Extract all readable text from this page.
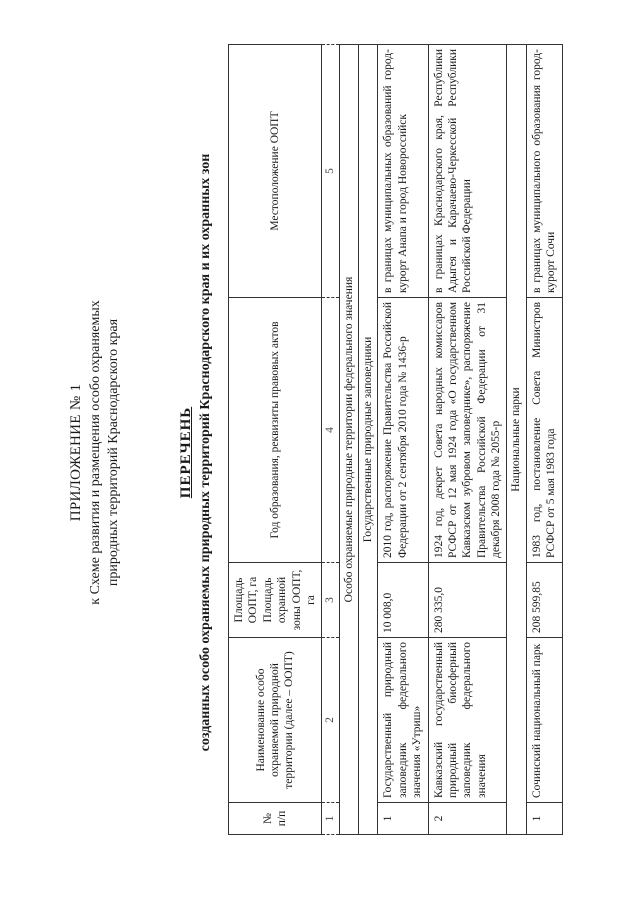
ПРИЛОЖЕНИЕ № 1 к Схеме развития и размещения особо охраняемых природных территорий Краснодарского края	ПЕРЕЧЕНЬ созданных особо охраняемых природных территорий Краснодарского края и их охранных зон
№ п/п	Наименование особо охраняемой природной территории (далее – ООПТ)	Площадь ООПТ, га Площадь охранной зоны ООПТ, га	Год образования, реквизиты правовых актов	Местоположение ООПТ
1	2	3	4	5
Особо охраняемые природные территории федерального значения				
Государственные природные заповедники				
1	Государственный природный заповедник федерального значения «Утриш»	10 008,0	2010 год, распоряжение Правительства Российской Федерации от 2 сентября 2010 года № 1436-р	в границах муниципальных образований город-курорт Анапа и город Новороссийск
2	Кавказский государственный природный биосферный заповедник федерального значения	280 335,0	1924 год, декрет Совета народных комиссаров РСФСР от 12 мая 1924 года «О государственном Кавказском зубровом заповеднике», распоряжение Правительства Российской Федерации от 31 декабря 2008 года № 2055-р	в границах Краснодарского края, Республики Адыгея и Карачаево-Черкесской Республики Российской Федерации
Национальные парки				
1	Сочинский национальный парк	208 599,85	1983 год, постановление Совета Министров РСФСР от 5 мая 1983 года	в границах муниципального образования город-курорт Сочи
